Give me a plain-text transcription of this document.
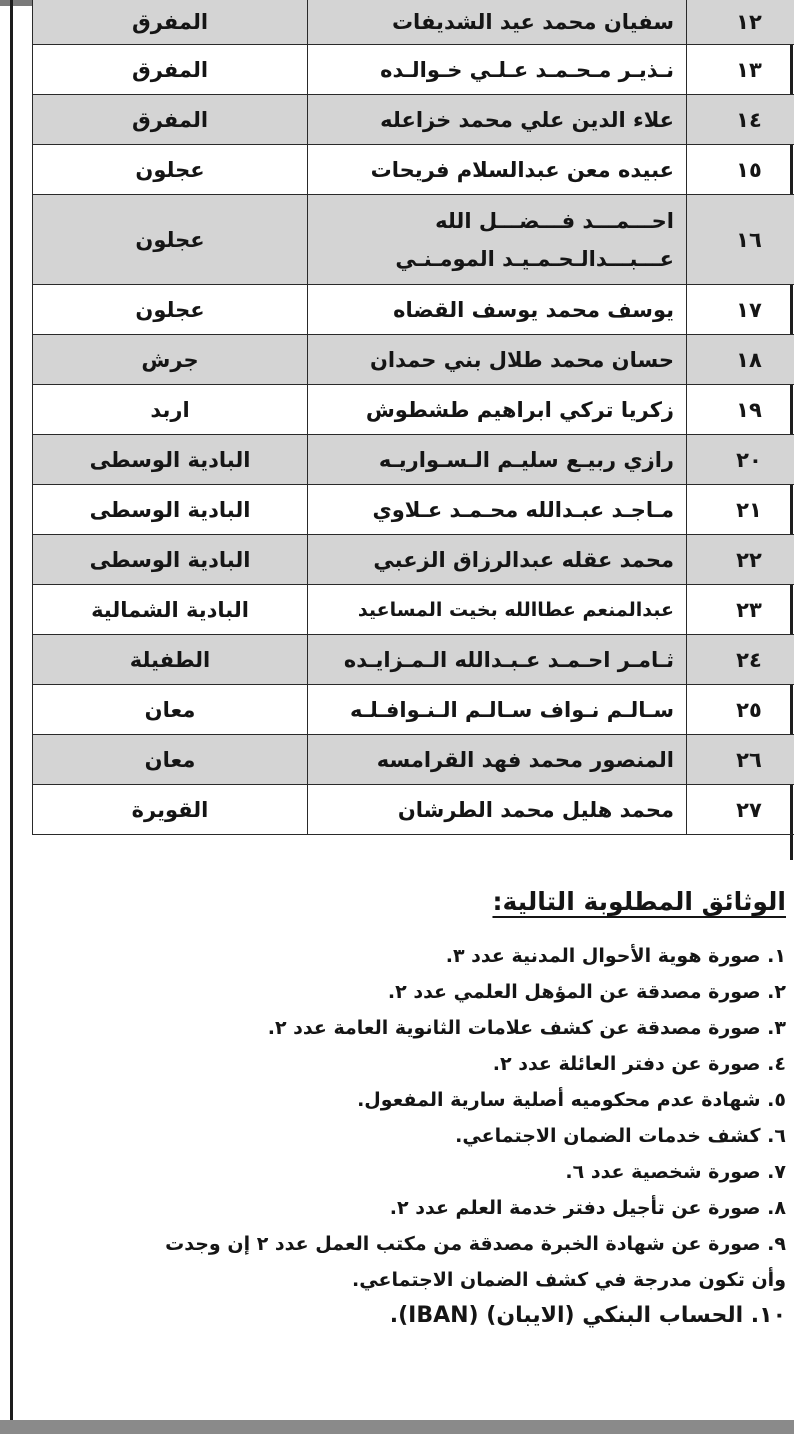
١٢	سفيان محمد عيد الشديفات	المفرق
١٣	نـذيـر مـحـمـد عـلـي خـوالـده	المفرق
١٤	علاء الدين علي محمد خزاعله	المفرق
١٥	عبيده معن عبدالسلام فريحات	عجلون
١٦	احـــمـــد فـــضـــل الله عـــبـــدالـحـمـيـد المومـنـي	عجلون
١٧	يوسف محمد يوسف القضاه	عجلون
١٨	حسان محمد طلال بني حمدان	جرش
١٩	زكريا تركي ابراهيم طشطوش	اربد
٢٠	رازي ربيـع سليـم الـسـواريـه	البادية الوسطى
٢١	مـاجـد عبـدالله محـمـد عـلاوي	البادية الوسطى
٢٢	محمد عقله عبدالرزاق الزعبي	البادية الوسطى
٢٣	عبدالمنعم عطاالله بخيت المساعيد	البادية الشمالية
٢٤	ثـامـر احـمـد عـبـدالله الـمـزايـده	الطفيلة
٢٥	سـالـم نـواف سـالـم الـنـوافـلـه	معان
٢٦	المنصور محمد فهد القرامسه	معان
٢٧	محمد هليل محمد الطرشان	القويرة
الوثائق المطلوبة التالية:
١. صورة هوية الأحوال المدنية عدد ٣.
٢. صورة مصدقة عن المؤهل العلمي عدد ٢.
٣. صورة مصدقة عن كشف علامات الثانوية العامة عدد ٢.
٤. صورة عن دفتر العائلة عدد ٢.
٥. شهادة عدم محكوميه أصلية سارية المفعول.
٦. كشف خدمات الضمان الاجتماعي.
٧. صورة شخصية عدد ٦.
٨. صورة عن تأجيل دفتر خدمة العلم عدد ٢.
٩. صورة عن شهادة الخبرة مصدقة من مكتب العمل عدد ٢ إن وجدت
وأن تكون مدرجة في كشف الضمان الاجتماعي.
١٠. الحساب البنكي (الايبان) (IBAN).
